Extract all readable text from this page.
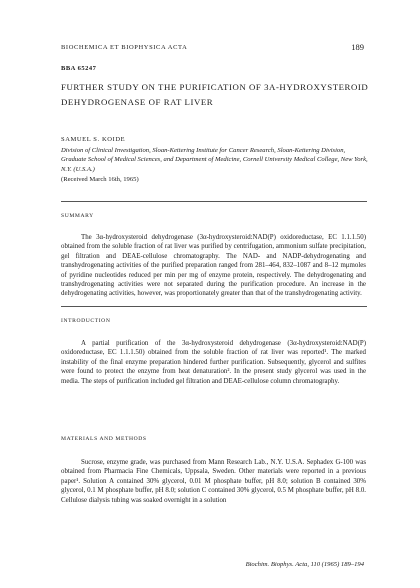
BIOCHEMICA ET BIOPHYSICA ACTA	189

BBA 65247

FURTHER STUDY ON THE PURIFICATION OF 3Α-HYDROXYSTEROID DEHYDROGENASE OF RAT LIVER

SAMUEL S. KOIDE

Division of Clinical Investigation, Sloan-Kettering Institute for Cancer Research, Sloan-Kettering Division, Graduate School of Medical Sciences, and Department of Medicine, Cornell University Medical College, New York, N.Y. (U.S.A.)

(Received March 16th, 1965)

SUMMARY

The 3α-hydroxysteroid dehydrogenase (3α-hydroxysteroid:NAD(P) oxidoreductase, EC 1.1.1.50) obtained from the soluble fraction of rat liver was purified by centrifugation, ammonium sulfate precipitation, gel filtration and DEAE-cellulose chromatography. The NAD- and NADP-dehydrogenating and transhydrogenating activities of the purified preparation ranged from 281–464, 832–1087 and 8–12 mμmoles of pyridine nucleotides reduced per min per mg of enzyme protein, respectively. The dehydrogenating and transhydrogenating activities were not separated during the purification procedure. An increase in the dehydrogenating activities, however, was proportionately greater than that of the transhydrogenating activity.

INTRODUCTION

A partial purification of the 3α-hydroxysteroid dehydrogenase (3α-hydroxysteroid:NAD(P) oxidoreductase, EC 1.1.1.50) obtained from the soluble fraction of rat liver was reported¹. The marked instability of the final enzyme preparation hindered further purification. Subsequently, glycerol and sulfites were found to protect the enzyme from heat denaturation². In the present study glycerol was used in the media. The steps of purification included gel filtration and DEAE-cellulose column chromatography.

MATERIALS AND METHODS

Sucrose, enzyme grade, was purchased from Mann Research Lab., N.Y. U.S.A. Sephadex G-100 was obtained from Pharmacia Fine Chemicals, Uppsala, Sweden. Other materials were reported in a previous paper¹. Solution A contained 30% glycerol, 0.01 M phosphate buffer, pH 8.0; solution B contained 30% glycerol, 0.1 M phosphate buffer, pH 8.0; solution C contained 30% glycerol, 0.5 M phosphate buffer, pH 8.0. Cellulose dialysis tubing was soaked overnight in a solution

Biochim. Biophys. Acta, 110 (1965) 189–194
